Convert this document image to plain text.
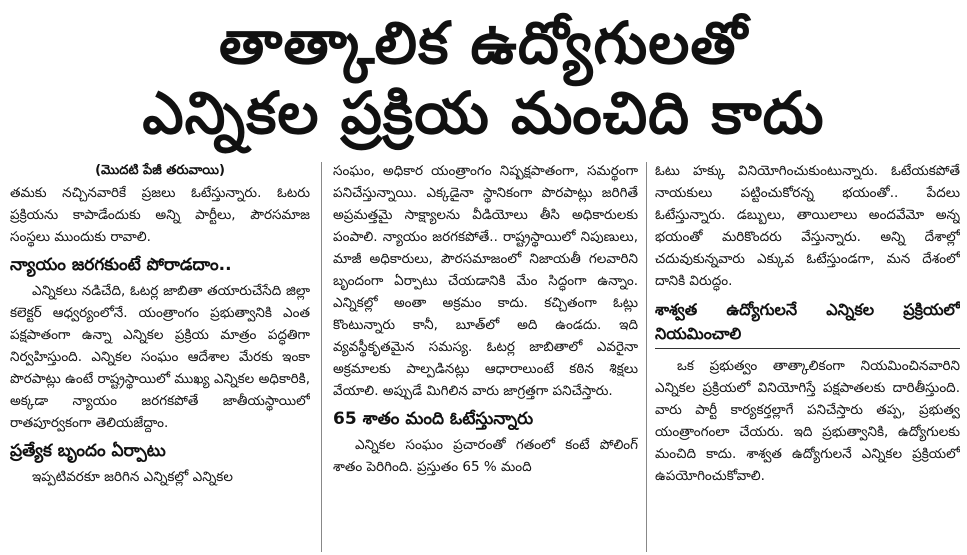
తాత్కాలిక ఉద్యోగులతో
ఎన్నికల ప్రక్రియ మంచిది కాదు

(మొదటి పేజీ తరువాయి)

తమకు నచ్చినవారికే ప్రజలు ఓటేస్తున్నారు. ఓటరు ప్రక్రియను కాపాడేందుకు అన్ని పార్టీలు, పౌరసమాజ సంస్థలు ముందుకు రావాలి.

న్యాయం జరగకుంటే పోరాడదాం..

ఎన్నికలు నడిచేది, ఓటర్ల జాబితా తయారుచేసేది జిల్లా కలెక్టర్ ఆధ్వర్యంలోనే. యంత్రాంగం ప్రభుత్వానికి ఎంత పక్షపాతంగా ఉన్నా ఎన్నికల ప్రక్రియ మాత్రం పద్ధతిగా నిర్వహిస్తుంది. ఎన్నికల సంఘం ఆదేశాల మేరకు ఇంకా పొరపాట్లు ఉంటే రాష్ట్రస్థాయిలో ముఖ్య ఎన్నికల అధికారికి, అక్కడా న్యాయం జరగకపోతే జాతీయస్థాయిలో రాతపూర్వకంగా తెలియజేద్దాం.

ప్రత్యేక బృందం ఏర్పాటు

ఇప్పటివరకూ జరిగిన ఎన్నికల్లో ఎన్నికల

సంఘం, అధికార యంత్రాంగం నిష్పక్షపాతంగా, సమర్థంగా పనిచేస్తున్నాయి. ఎక్కడైనా స్థానికంగా పొరపాట్లు జరిగితే అప్రమత్తమై సాక్ష్యాలను వీడియోలు తీసి అధికారులకు పంపాలి. న్యాయం జరగకపోతే.. రాష్ట్రస్థాయిలో నిపుణులు, మాజీ అధికారులు, పౌరసమాజంలో నిజాయతీ గలవారిని బృందంగా ఏర్పాటు చేయడానికి మేం సిద్ధంగా ఉన్నాం. ఎన్నికల్లో అంతా అక్రమం కాదు. కచ్చితంగా ఓట్లు కొంటున్నారు కానీ, బూత్‌లో అది ఉండదు. ఇది వ్యవస్థీకృతమైన సమస్య. ఓటర్ల జాబితాలో ఎవరైనా అక్రమాలకు పాల్పడినట్లు ఆధారాలుంటే కఠిన శిక్షలు వేయాలి. అప్పుడే మిగిలిన వారు జాగ్రత్తగా పనిచేస్తారు.

65 శాతం మంది ఓటేస్తున్నారు

ఎన్నికల సంఘం ప్రచారంతో గతంలో కంటే పోలింగ్ శాతం పెరిగింది. ప్రస్తుతం 65 % మంది

ఓటు హక్కు వినియోగించుకుంటున్నారు. ఓటేయకపోతే నాయకులు పట్టించుకోరన్న భయంతో.. పేదలు ఓటేస్తున్నారు. డబ్బులు, తాయిలాలు అందవేమో అన్న భయంతో మరికొందరు వేస్తున్నారు. అన్ని దేశాల్లో చదువుకున్నవారు ఎక్కువ ఓటేస్తుండగా, మన దేశంలో దానికి విరుద్ధం.

శాశ్వత ఉద్యోగులనే ఎన్నికల ప్రక్రియలో నియమించాలి

ఒక ప్రభుత్వం తాత్కాలికంగా నియమించినవారిని ఎన్నికల ప్రక్రియలో వినియోగిస్తే పక్షపాతలకు దారితీస్తుంది. వారు పార్టీ కార్యకర్తల్లాగే పనిచేస్తారు తప్ప, ప్రభుత్వ యంత్రాంగంలా చేయరు. ఇది ప్రభుత్వానికి, ఉద్యోగులకు మంచిది కాదు. శాశ్వత ఉద్యోగులనే ఎన్నికల ప్రక్రియలో ఉపయోగించుకోవాలి.
